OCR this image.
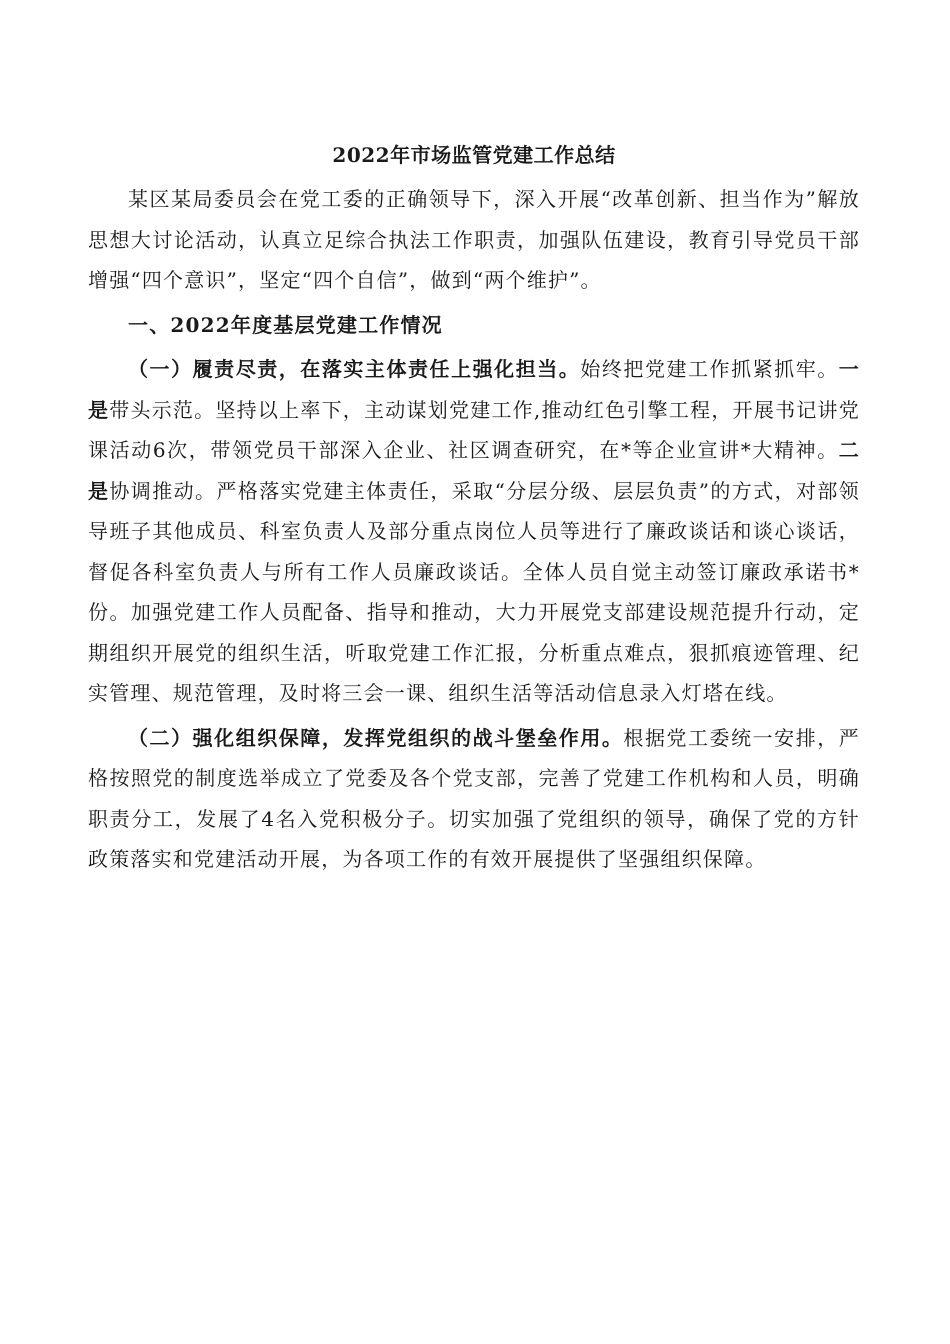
2022年市场监管党建工作总结

某区某局委员会在党工委的正确领导下，深入开展“改革创新、担当作为”解放思想大讨论活动，认真立足综合执法工作职责，加强队伍建设，教育引导党员干部增强“四个意识”，坚定“四个自信”，做到“两个维护”。

一、2022年度基层党建工作情况

（一）履责尽责，在落实主体责任上强化担当。始终把党建工作抓紧抓牢。一是带头示范。坚持以上率下，主动谋划党建工作,推动红色引擎工程，开展书记讲党课活动6次，带领党员干部深入企业、社区调查研究，在*等企业宣讲*大精神。二是协调推动。严格落实党建主体责任，采取“分层分级、层层负责”的方式，对部领导班子其他成员、科室负责人及部分重点岗位人员等进行了廉政谈话和谈心谈话，督促各科室负责人与所有工作人员廉政谈话。全体人员自觉主动签订廉政承诺书*份。加强党建工作人员配备、指导和推动，大力开展党支部建设规范提升行动，定期组织开展党的组织生活，听取党建工作汇报，分析重点难点，狠抓痕迹管理、纪实管理、规范管理，及时将三会一课、组织生活等活动信息录入灯塔在线。

（二）强化组织保障，发挥党组织的战斗堡垒作用。根据党工委统一安排，严格按照党的制度选举成立了党委及各个党支部，完善了党建工作机构和人员，明确职责分工，发展了4名入党积极分子。切实加强了党组织的领导，确保了党的方针政策落实和党建活动开展，为各项工作的有效开展提供了坚强组织保障。
